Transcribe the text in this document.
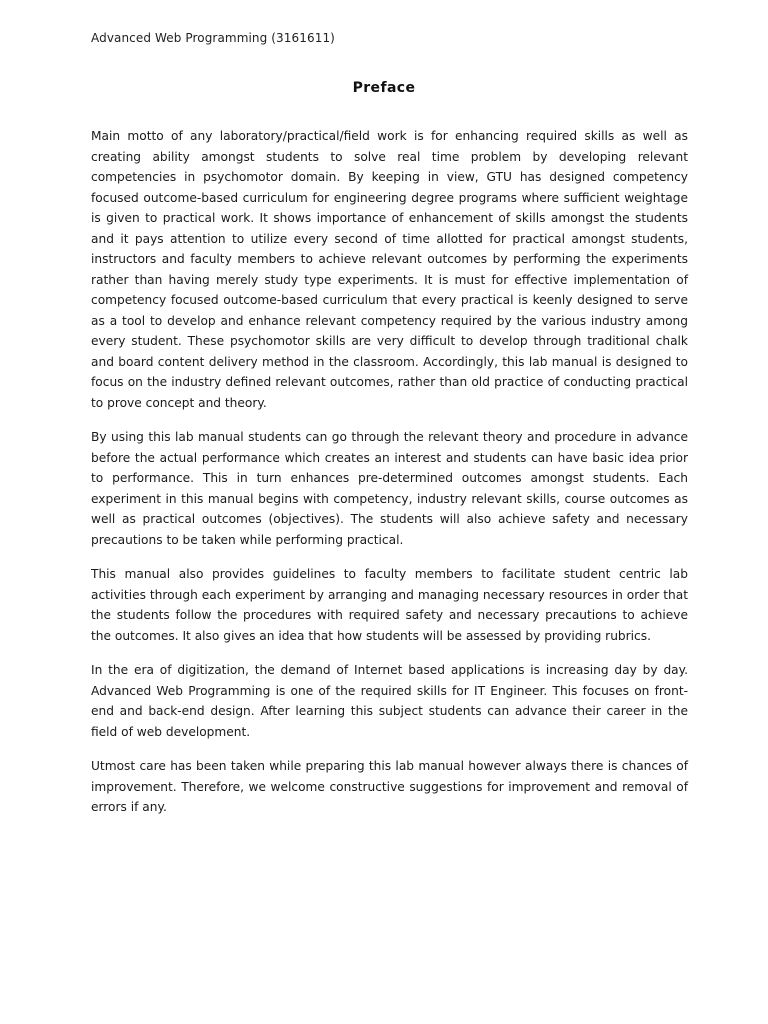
Advanced Web Programming (3161611)
Preface

Main motto of any laboratory/practical/field work is for enhancing required skills as well as creating ability amongst students to solve real time problem by developing relevant competencies in psychomotor domain. By keeping in view, GTU has designed competency focused outcome-based curriculum for engineering degree programs where sufficient weightage is given to practical work. It shows importance of enhancement of skills amongst the students and it pays attention to utilize every second of time allotted for practical amongst students, instructors and faculty members to achieve relevant outcomes by performing the experiments rather than having merely study type experiments. It is must for effective implementation of competency focused outcome-based curriculum that every practical is keenly designed to serve as a tool to develop and enhance relevant competency required by the various industry among every student. These psychomotor skills are very difficult to develop through traditional chalk and board content delivery method in the classroom. Accordingly, this lab manual is designed to focus on the industry defined relevant outcomes, rather than old practice of conducting practical to prove concept and theory.

By using this lab manual students can go through the relevant theory and procedure in advance before the actual performance which creates an interest and students can have basic idea prior to performance. This in turn enhances pre-determined outcomes amongst students. Each experiment in this manual begins with competency, industry relevant skills, course outcomes as well as practical outcomes (objectives). The students will also achieve safety and necessary precautions to be taken while performing practical.

This manual also provides guidelines to faculty members to facilitate student centric lab activities through each experiment by arranging and managing necessary resources in order that the students follow the procedures with required safety and necessary precautions to achieve the outcomes. It also gives an idea that how students will be assessed by providing rubrics.

In the era of digitization, the demand of Internet based applications is increasing day by day. Advanced Web Programming is one of the required skills for IT Engineer. This focuses on front-end and back-end design. After learning this subject students can advance their career in the field of web development.

Utmost care has been taken while preparing this lab manual however always there is chances of improvement. Therefore, we welcome constructive suggestions for improvement and removal of errors if any.
